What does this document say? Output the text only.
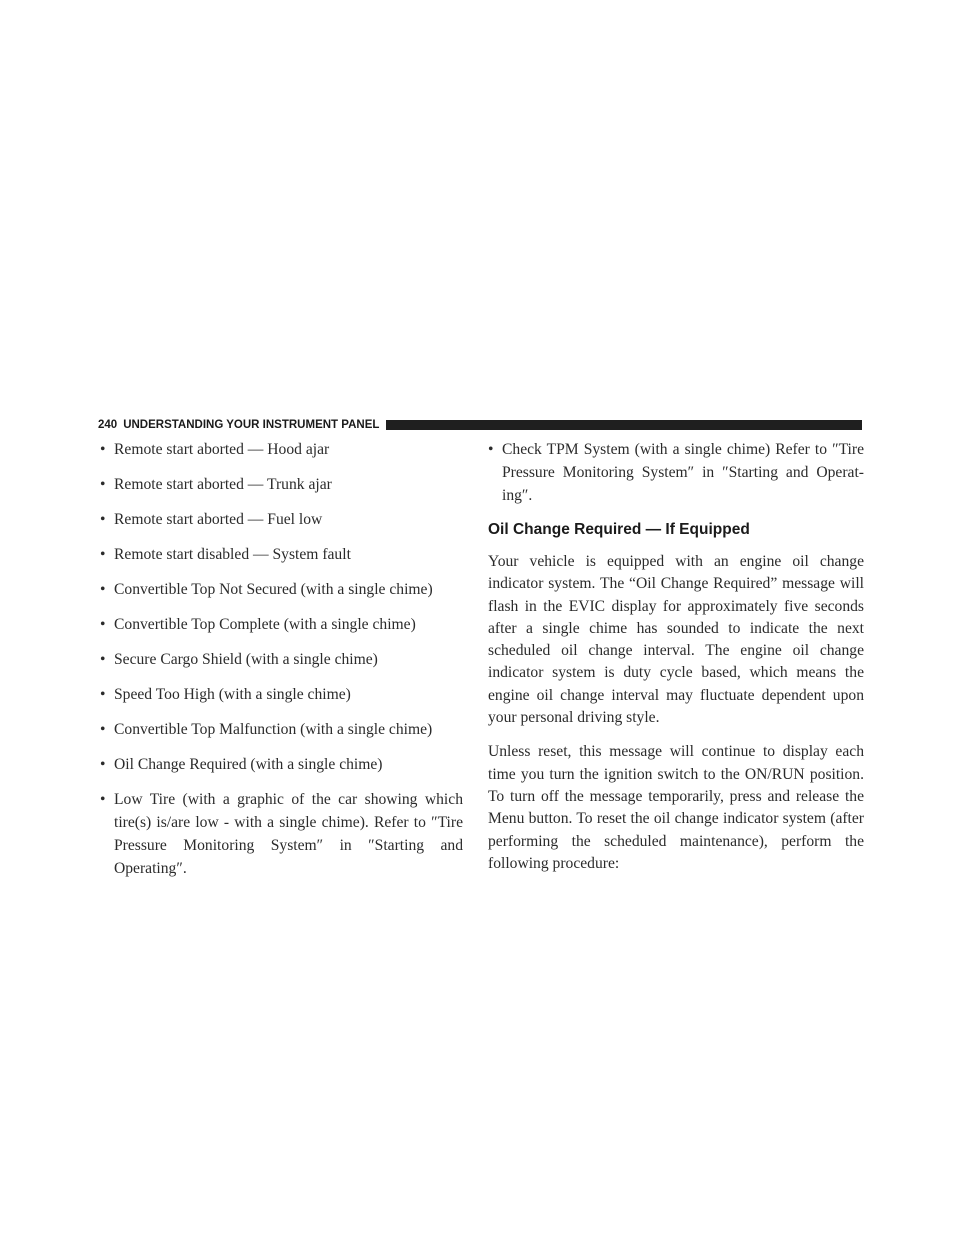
240 UNDERSTANDING YOUR INSTRUMENT PANEL
• Remote start aborted — Hood ajar
• Remote start aborted — Trunk ajar
• Remote start aborted — Fuel low
• Remote start disabled — System fault
• Convertible Top Not Secured (with a single chime)
• Convertible Top Complete (with a single chime)
• Secure Cargo Shield (with a single chime)
• Speed Too High (with a single chime)
• Convertible Top Malfunction (with a single chime)
• Oil Change Required (with a single chime)
• Low Tire (with a graphic of the car showing which tire(s) is/are low - with a single chime). Refer to ″Tire Pressure Monitoring System″ in ″Starting and Operating″.
• Check TPM System (with a single chime) Refer to ″Tire Pressure Monitoring System″ in ″Starting and Operat-ing″.
Oil Change Required — If Equipped

Your vehicle is equipped with an engine oil change indicator system. The “Oil Change Required” message will flash in the EVIC display for approximately five seconds after a single chime has sounded to indicate the next scheduled oil change interval. The engine oil change indicator system is duty cycle based, which means the engine oil change interval may fluctuate dependent upon your personal driving style.

Unless reset, this message will continue to display each time you turn the ignition switch to the ON/RUN position. To turn off the message temporarily, press and release the Menu button. To reset the oil change indicator system (after performing the scheduled maintenance), perform the following procedure:
